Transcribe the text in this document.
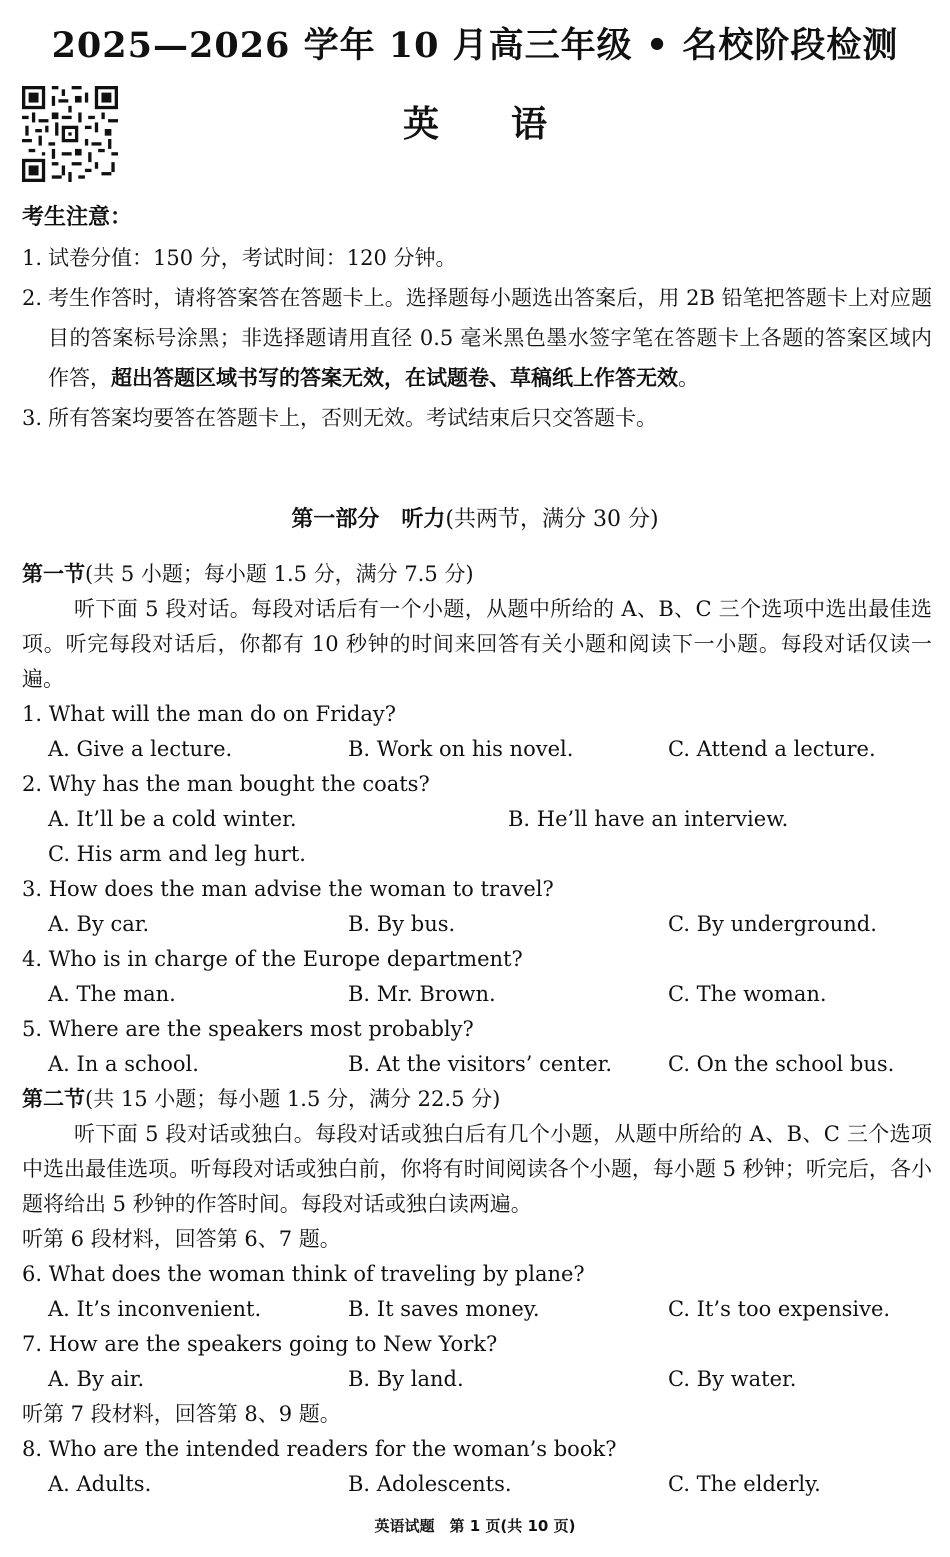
2025—2026 学年 10 月高三年级 • 名校阶段检测
英 语
考生注意：
1. 试卷分值：150 分，考试时间：120 分钟。
2. 考生作答时，请将答案答在答题卡上。选择题每小题选出答案后，用 2B 铅笔把答题卡上对应题目的答案标号涂黑；非选择题请用直径 0.5 毫米黑色墨水签字笔在答题卡上各题的答案区域内作答，超出答题区域书写的答案无效，在试题卷、草稿纸上作答无效。
3. 所有答案均要答在答题卡上，否则无效。考试结束后只交答题卡。
第一部分　听力(共两节，满分 30 分)
第一节(共 5 小题；每小题 1.5 分，满分 7.5 分)
听下面 5 段对话。每段对话后有一个小题，从题中所给的 A、B、C 三个选项中选出最佳选项。听完每段对话后，你都有 10 秒钟的时间来回答有关小题和阅读下一小题。每段对话仅读一遍。
1. What will the man do on Friday?
A. Give a lecture.	B. Work on his novel.	C. Attend a lecture.
2. Why has the man bought the coats?
A. It’ll be a cold winter.	B. He’ll have an interview.
C. His arm and leg hurt.
3. How does the man advise the woman to travel?
A. By car.	B. By bus.	C. By underground.
4. Who is in charge of the Europe department?
A. The man.	B. Mr. Brown.	C. The woman.
5. Where are the speakers most probably?
A. In a school.	B. At the visitors’ center.	C. On the school bus.
第二节(共 15 小题；每小题 1.5 分，满分 22.5 分)
听下面 5 段对话或独白。每段对话或独白后有几个小题，从题中所给的 A、B、C 三个选项中选出最佳选项。听每段对话或独白前，你将有时间阅读各个小题，每小题 5 秒钟；听完后，各小题将给出 5 秒钟的作答时间。每段对话或独白读两遍。
听第 6 段材料，回答第 6、7 题。
6. What does the woman think of traveling by plane?
A. It’s inconvenient.	B. It saves money.	C. It’s too expensive.
7. How are the speakers going to New York?
A. By air.	B. By land.	C. By water.
听第 7 段材料，回答第 8、9 题。
8. Who are the intended readers for the woman’s book?
A. Adults.	B. Adolescents.	C. The elderly.
英语试题　第 1 页(共 10 页)
